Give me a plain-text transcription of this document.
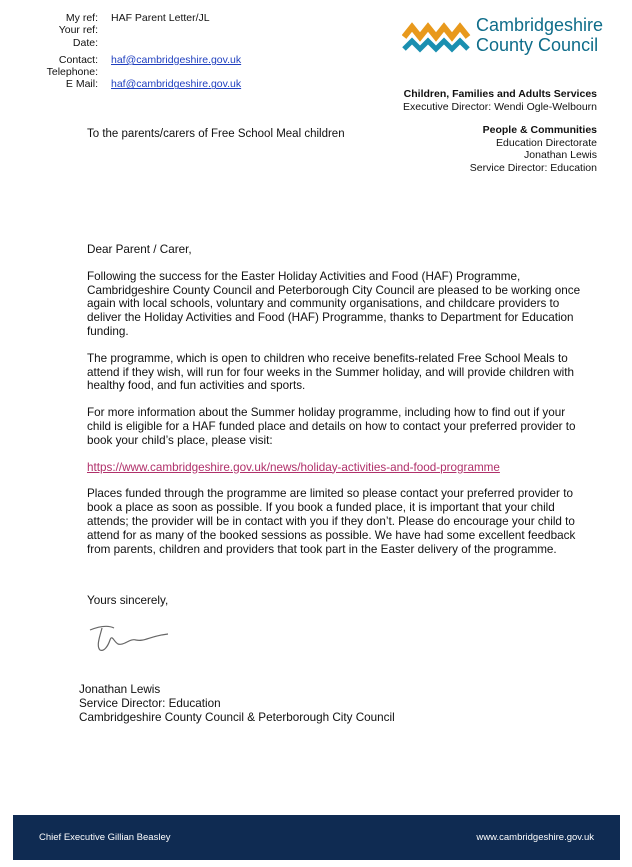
My ref:	HAF Parent Letter/JL
Your ref:
Date:
Contact:	haf@cambridgeshire.gov.uk
Telephone:
E Mail:	haf@cambridgeshire.gov.uk
Cambridgeshire
County Council
Children, Families and Adults Services
Executive Director: Wendi Ogle-Welbourn
To the parents/carers of Free School Meal children	People & Communities
Education Directorate
Jonathan Lewis
Service Director: Education

Dear Parent / Carer,

Following the success for the Easter Holiday Activities and Food (HAF) Programme, Cambridgeshire County Council and Peterborough City Council are pleased to be working once again with local schools, voluntary and community organisations, and childcare providers to deliver the Holiday Activities and Food (HAF) Programme, thanks to Department for Education funding.

The programme, which is open to children who receive benefits-related Free School Meals to attend if they wish, will run for four weeks in the Summer holiday, and will provide children with healthy food, and fun activities and sports.

For more information about the Summer holiday programme, including how to find out if your child is eligible for a HAF funded place and details on how to contact your preferred provider to book your child’s place, please visit:

https://www.cambridgeshire.gov.uk/news/holiday-activities-and-food-programme

Places funded through the programme are limited so please contact your preferred provider to book a place as soon as possible. If you book a funded place, it is important that your child attends; the provider will be in contact with you if they don’t. Please do encourage your child to attend for as many of the booked sessions as possible. We have had some excellent feedback from parents, children and providers that took part in the Easter delivery of the programme.

Yours sincerely,
Jonathan Lewis
Service Director: Education
Cambridgeshire County Council & Peterborough City Council
Chief Executive Gillian Beasley	www.cambridgeshire.gov.uk
